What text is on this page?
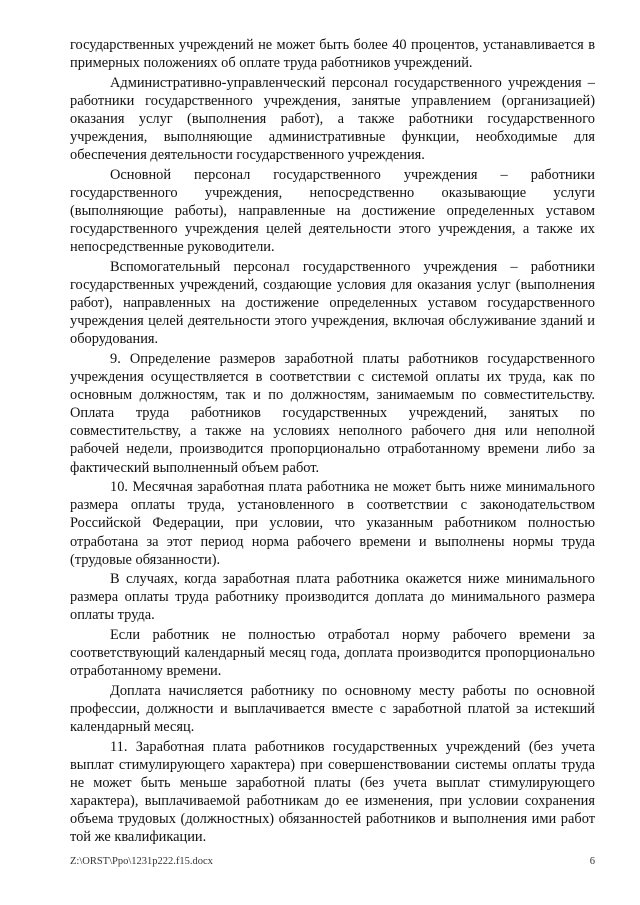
государственных учреждений не может быть более 40 процентов, устанавливается в примерных положениях об оплате труда работников учреждений.

Административно-управленческий персонал государственного учреждения – работники государственного учреждения, занятые управлением (организацией) оказания услуг (выполнения работ), а также работники государственного учреждения, выполняющие административные функции, необходимые для обеспечения деятельности государственного учреждения.

Основной персонал государственного учреждения – работники государственного учреждения, непосредственно оказывающие услуги (выполняющие работы), направленные на достижение определенных уставом государственного учреждения целей деятельности этого учреждения, а также их непосредственные руководители.

Вспомогательный персонал государственного учреждения – работники государственных учреждений, создающие условия для оказания услуг (выполнения работ), направленных на достижение определенных уставом государственного учреждения целей деятельности этого учреждения, включая обслуживание зданий и оборудования.

9. Определение размеров заработной платы работников государственного учреждения осуществляется в соответствии с системой оплаты их труда, как по основным должностям, так и по должностям, занимаемым по совместительству. Оплата труда работников государственных учреждений, занятых по совместительству, а также на условиях неполного рабочего дня или неполной рабочей недели, производится пропорционально отработанному времени либо за фактический выполненный объем работ.

10. Месячная заработная плата работника не может быть ниже минимального размера оплаты труда, установленного в соответствии с законодательством Российской Федерации, при условии, что указанным работником полностью отработана за этот период норма рабочего времени и выполнены нормы труда (трудовые обязанности).

В случаях, когда заработная плата работника окажется ниже минимального размера оплаты труда работнику производится доплата до минимального размера оплаты труда.

Если работник не полностью отработал норму рабочего времени за соответствующий календарный месяц года, доплата производится пропорционально отработанному времени.

Доплата начисляется работнику по основному месту работы по основной профессии, должности и выплачивается вместе с заработной платой за истекший календарный месяц.

11. Заработная плата работников государственных учреждений (без учета выплат стимулирующего характера) при совершенствовании системы оплаты труда не может быть меньше заработной платы (без учета выплат стимулирующего характера), выплачиваемой работникам до ее изменения, при условии сохранения объема трудовых (должностных) обязанностей работников и выполнения ими работ той же квалификации.

Z:\ORST\Ppo\1231p222.f15.docx	6
